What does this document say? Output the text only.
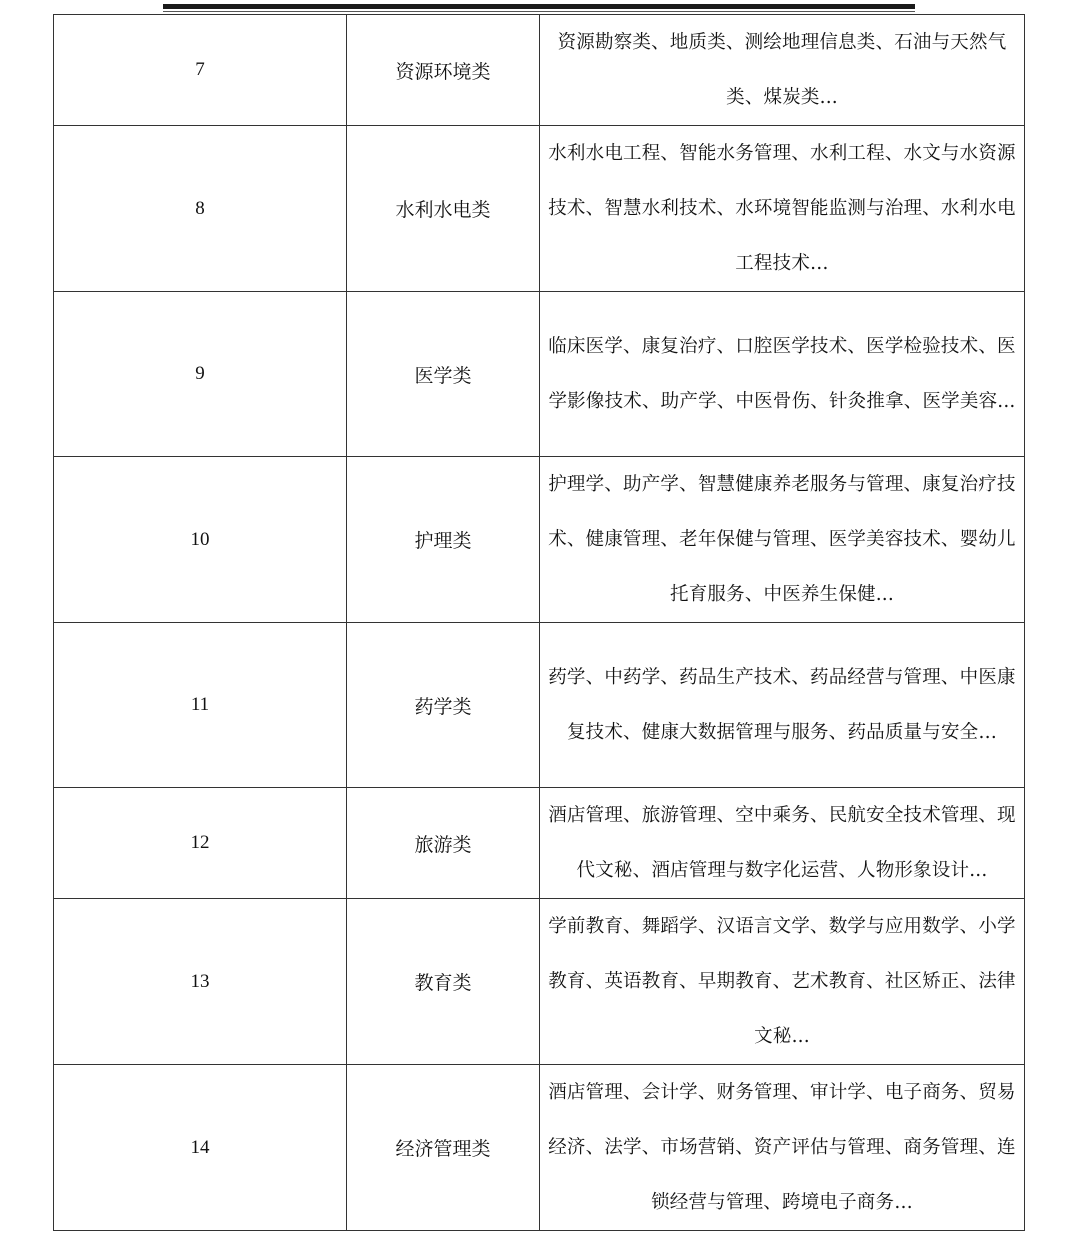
7	资源环境类	资源勘察类、地质类、测绘地理信息类、石油与天然气类、煤炭类...
8	水利水电类	水利水电工程、智能水务管理、水利工程、水文与水资源技术、智慧水利技术、水环境智能监测与治理、水利水电工程技术…
9	医学类	临床医学、康复治疗、口腔医学技术、医学检验技术、医学影像技术、助产学、中医骨伤、针灸推拿、医学美容...
10	护理类	护理学、助产学、智慧健康养老服务与管理、康复治疗技术、健康管理、老年保健与管理、医学美容技术、婴幼儿托育服务、中医养生保健...
11	药学类	药学、中药学、药品生产技术、药品经营与管理、中医康复技术、健康大数据管理与服务、药品质量与安全…
12	旅游类	酒店管理、旅游管理、空中乘务、民航安全技术管理、现代文秘、酒店管理与数字化运营、人物形象设计...
13	教育类	学前教育、舞蹈学、汉语言文学、数学与应用数学、小学教育、英语教育、早期教育、艺术教育、社区矫正、法律文秘...
14	经济管理类	酒店管理、会计学、财务管理、审计学、电子商务、贸易经济、法学、市场营销、资产评估与管理、商务管理、连锁经营与管理、跨境电子商务…
